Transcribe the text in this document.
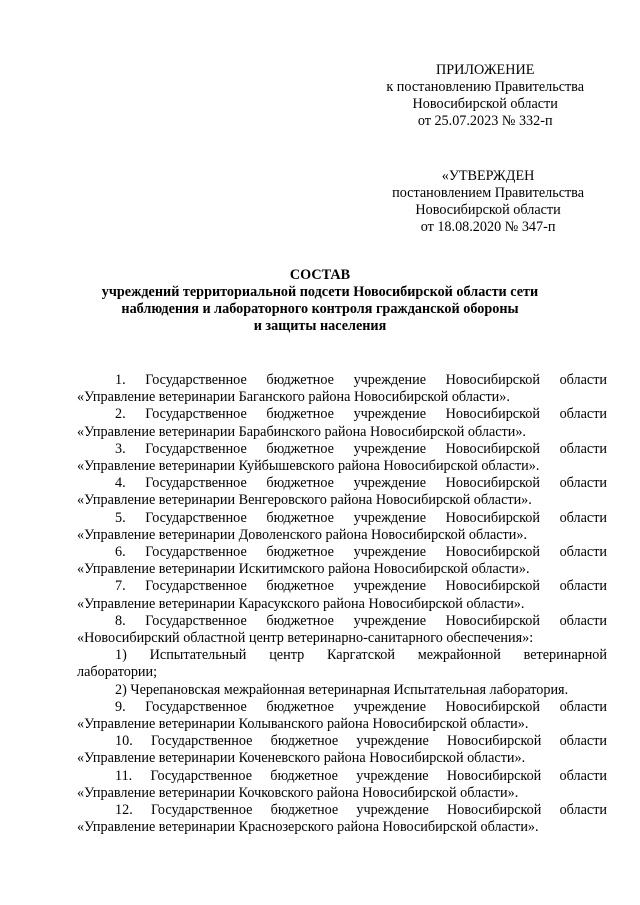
ПРИЛОЖЕНИЕ
к постановлению Правительства
Новосибирской области
от 25.07.2023 № 332-п
«УТВЕРЖДЕН
постановлением Правительства
Новосибирской области
от 18.08.2020 № 347-п
СОСТАВ
учреждений территориальной подсети Новосибирской области сети
наблюдения и лабораторного контроля гражданской обороны
и защиты населения
1. Государственное бюджетное учреждение Новосибирской области
«Управление ветеринарии Баганского района Новосибирской области».
2. Государственное бюджетное учреждение Новосибирской области
«Управление ветеринарии Барабинского района Новосибирской области».
3. Государственное бюджетное учреждение Новосибирской области
«Управление ветеринарии Куйбышевского района Новосибирской области».
4. Государственное бюджетное учреждение Новосибирской области
«Управление ветеринарии Венгеровского района Новосибирской области».
5. Государственное бюджетное учреждение Новосибирской области
«Управление ветеринарии Доволенского района Новосибирской области».
6. Государственное бюджетное учреждение Новосибирской области
«Управление ветеринарии Искитимского района Новосибирской области».
7. Государственное бюджетное учреждение Новосибирской области
«Управление ветеринарии Карасукского района Новосибирской области».
8. Государственное бюджетное учреждение Новосибирской области
«Новосибирский областной центр ветеринарно-санитарного обеспечения»:
1) Испытательный центр Каргатской межрайонной ветеринарной
лаборатории;
2) Черепановская межрайонная ветеринарная Испытательная лаборатория.
9. Государственное бюджетное учреждение Новосибирской области
«Управление ветеринарии Колыванского района Новосибирской области».
10. Государственное бюджетное учреждение Новосибирской области
«Управление ветеринарии Коченевского района Новосибирской области».
11. Государственное бюджетное учреждение Новосибирской области
«Управление ветеринарии Кочковского района Новосибирской области».
12. Государственное бюджетное учреждение Новосибирской области
«Управление ветеринарии Краснозерского района Новосибирской области».
